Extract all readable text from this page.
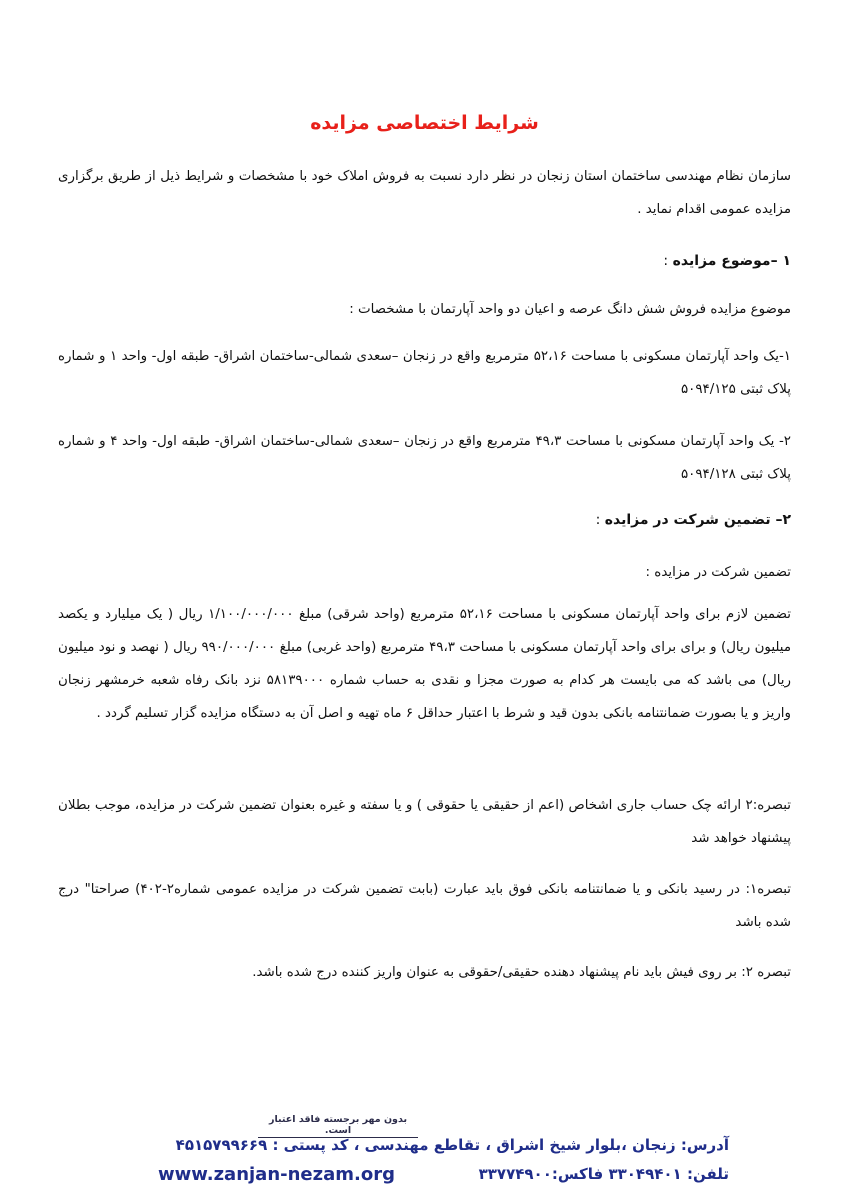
شرایط اختصاصی مزایده
سازمان نظام مهندسی ساختمان استان زنجان در نظر دارد نسبت به فروش املاک خود با مشخصات و شرایط ذیل از طریق برگزاری مزایده عمومی اقدام نماید .
۱ –موضوع مزایده :
موضوع مزایده فروش شش دانگ عرصه و اعیان دو واحد آپارتمان با مشخصات :
۱-یک واحد آپارتمان مسکونی با مساحت ۵۲،۱۶ مترمربع واقع در زنجان –سعدی شمالی-ساختمان اشراق- طبقه اول- واحد ۱ و شماره پلاک ثبتی ۵۰۹۴/۱۲۵
۲- یک واحد آپارتمان مسکونی با مساحت ۴۹،۳ مترمربع واقع در زنجان –سعدی شمالی-ساختمان اشراق- طبقه اول- واحد ۴ و شماره پلاک ثبتی ۵۰۹۴/۱۲۸
۲– تضمین شرکت در مزایده :
تضمین شرکت در مزایده :
تضمین لازم برای واحد آپارتمان مسکونی با مساحت ۵۲،۱۶ مترمربع (واحد شرقی) مبلغ ۱/۱۰۰/۰۰۰/۰۰۰ ریال ( یک میلیارد و یکصد میلیون ریال) و برای برای واحد آپارتمان مسکونی با مساحت ۴۹،۳ مترمربع (واحد غربی) مبلغ ۹۹۰/۰۰۰/۰۰۰ ریال ( نهصد و نود میلیون ریال) می باشد که می بایست هر کدام به صورت مجزا و نقدی به حساب شماره ۵۸۱۳۹۰۰۰ نزد بانک رفاه شعبه خرمشهر زنجان واریز و یا بصورت ضمانتنامه بانکی بدون قید و شرط با اعتبار حداقل ۶ ماه تهیه و اصل آن به دستگاه مزایده گزار تسلیم گردد .
تبصره:۲ ارائه چک حساب جاری اشخاص (اعم از حقیقی یا حقوقی ) و یا سفته و غیره بعنوان تضمین شرکت در مزایده، موجب بطلان پیشنهاد خواهد شد
تبصره۱: در رسید بانکی و یا ضمانتنامه بانکی فوق باید عبارت (بابت تضمین شرکت در مزایده عمومی شماره۲-۴۰۲) صراحتا" درج شده باشد
تبصره ۲: بر روی فیش باید نام پیشنهاد دهنده حقیقی/حقوقی به عنوان واریز کننده درج شده باشد.
بدون مهر برجسته فاقد اعتبار است.
آدرس: زنجان ،بلوار شیخ اشراق ، تقاطع مهندسی ، کد پستی : ۴۵۱۵۷۹۹۶۶۹
تلفن: ۳۳۰۴۹۴۰۱ فاکس:۳۳۷۷۴۹۰۰
www.zanjan-nezam.org
